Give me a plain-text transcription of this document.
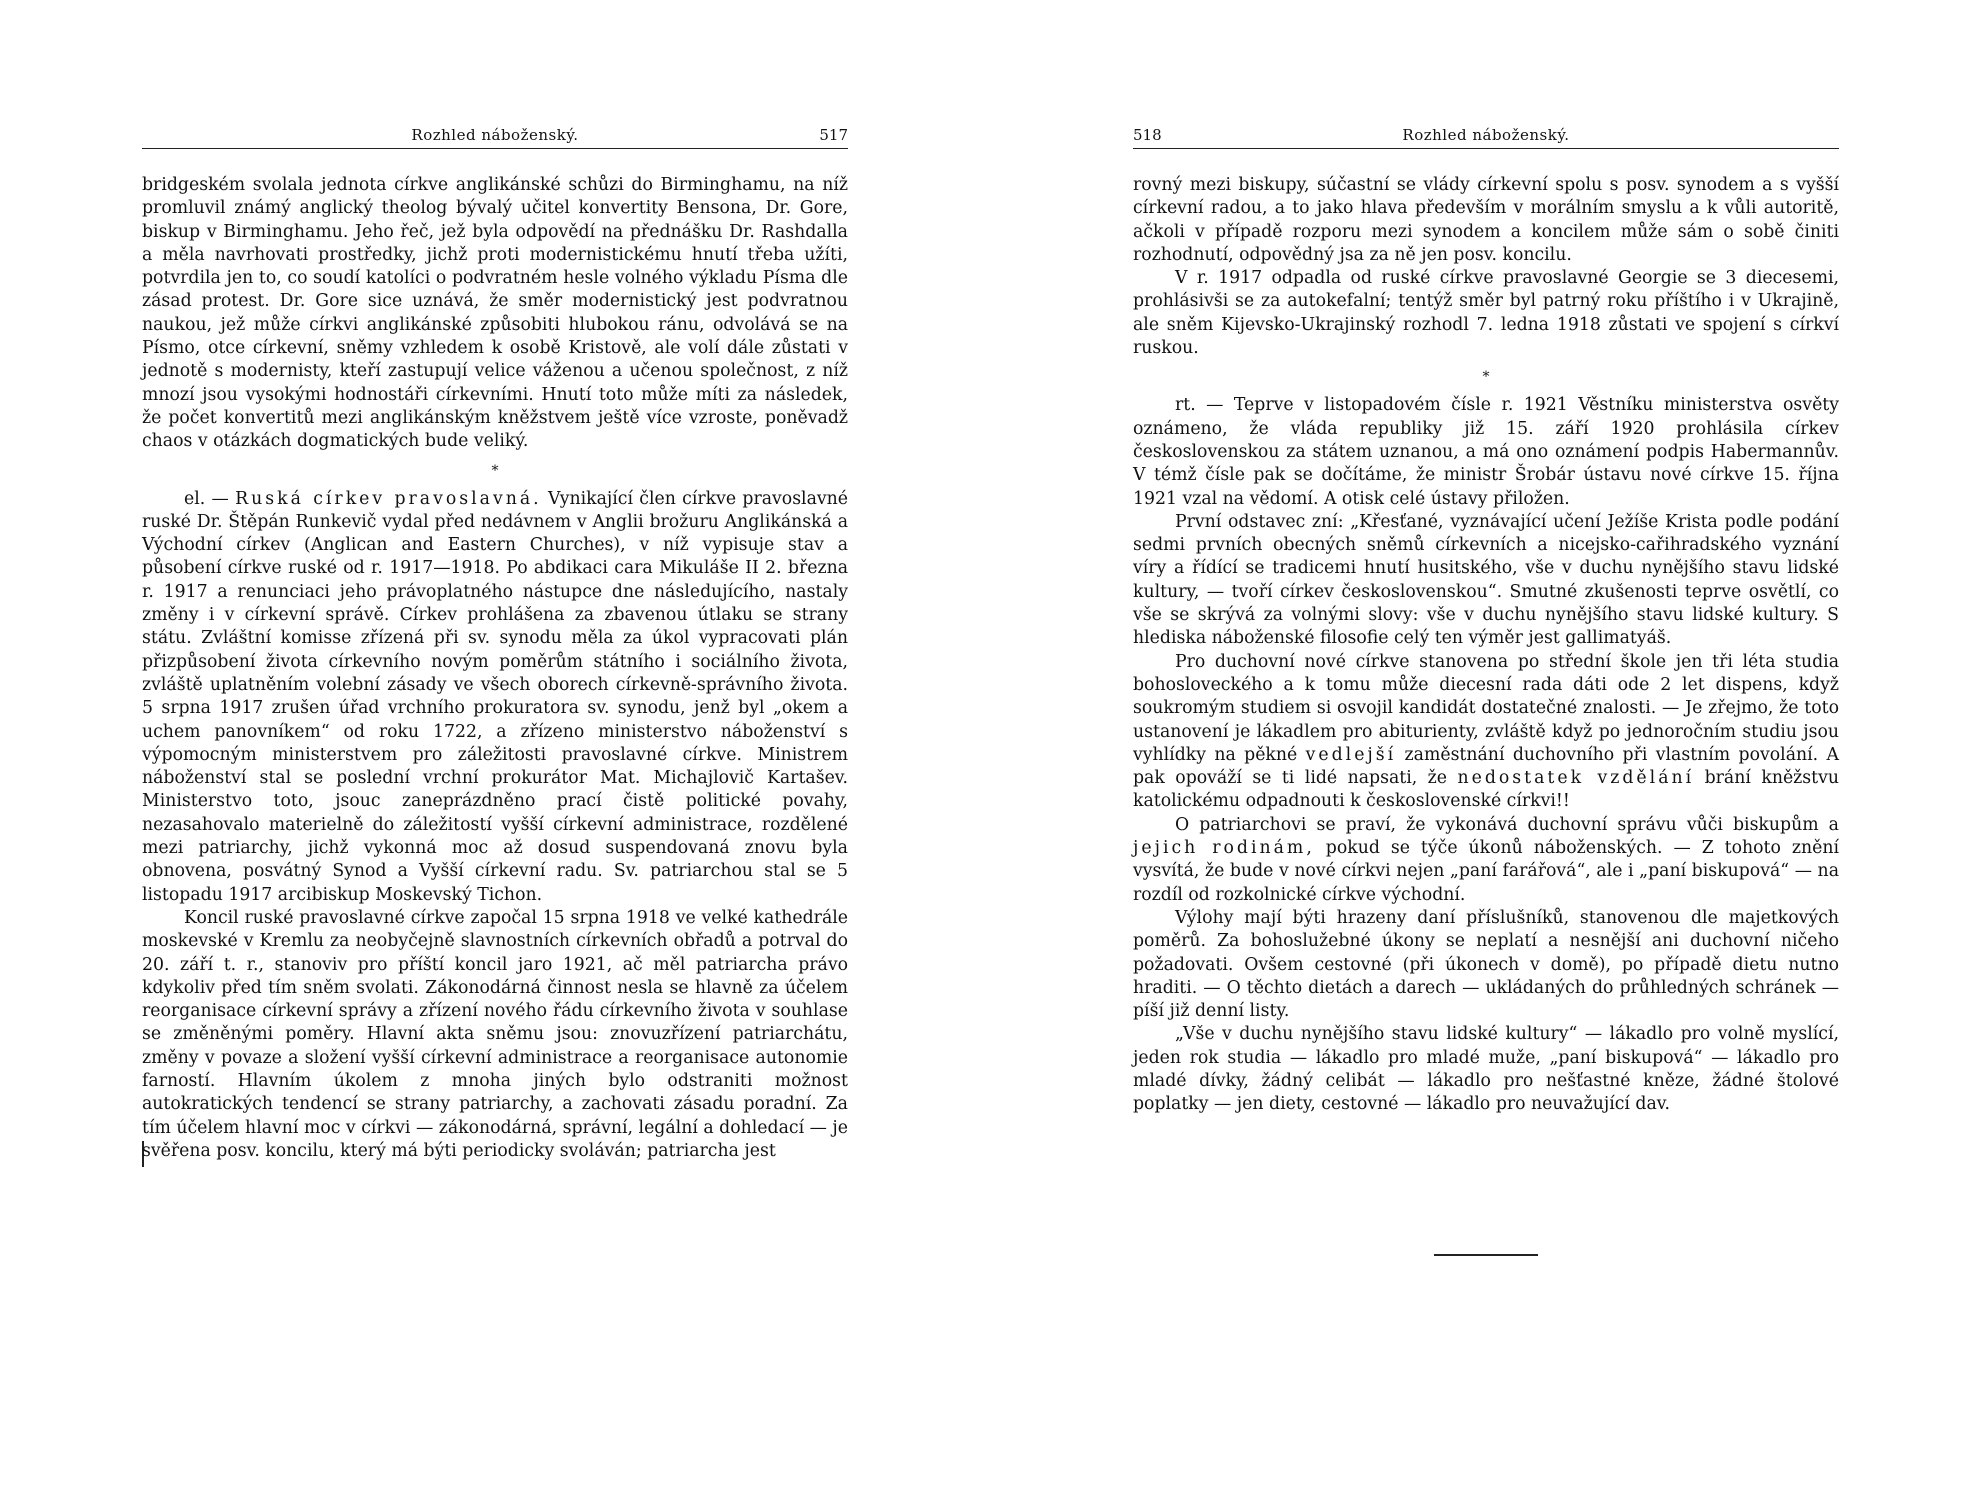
Rozhled náboženský.	517

bridgeském svolala jednota církve anglikánské schůzi do Birminghamu, na níž promluvil známý anglický theolog bývalý učitel konvertity Bensona, Dr. Gore, biskup v Birminghamu. Jeho řeč, jež byla odpovědí na přednášku Dr. Rashdalla a měla navrhovati prostředky, jichž proti modernistickému hnutí třeba užíti, potvrdila jen to, co soudí katolíci o podvratném hesle volného výkladu Písma dle zásad protest. Dr. Gore sice uznává, že směr modernistický jest podvratnou naukou, jež může církvi anglikánské způsobiti hlubokou ránu, odvolává se na Písmo, otce církevní, sněmy vzhledem k osobě Kristově, ale volí dále zůstati v jednotě s modernisty, kteří zastupují velice váženou a učenou společnost, z níž mnozí jsou vysokými hodnostáři církevními. Hnutí toto může míti za následek, že počet konvertitů mezi anglikánským kněžstvem ještě více vzroste, poněvadž chaos v otázkách dogmatických bude veliký.

*

el. — Ruská církev pravoslavná. Vynikající člen církve pravoslavné ruské Dr. Štěpán Runkevič vydal před nedávnem v Anglii brožuru Anglikánská a Východní církev (Anglican and Eastern Churches), v níž vypisuje stav a působení církve ruské od r. 1917—1918. Po abdikaci cara Mikuláše II 2. března r. 1917 a renunciaci jeho právoplatného nástupce dne následujícího, nastaly změny i v církevní správě. Církev prohlášena za zbavenou útlaku se strany státu. Zvláštní komisse zřízená při sv. synodu měla za úkol vypracovati plán přizpůsobení života církevního novým poměrům státního i sociálního života, zvláště uplatněním volební zásady ve všech oborech církevně-správního života. 5 srpna 1917 zrušen úřad vrchního prokuratora sv. synodu, jenž byl „okem a uchem panovníkem“ od roku 1722, a zřízeno ministerstvo náboženství s výpomocným ministerstvem pro záležitosti pravoslavné církve. Ministrem náboženství stal se poslední vrchní prokurátor Mat. Michajlovič Kartašev. Ministerstvo toto, jsouc zaneprázdněno prací čistě politické povahy, nezasahovalo materielně do záležitostí vyšší církevní administrace, rozdělené mezi patriarchy, jichž vykonná moc až dosud suspendovaná znovu byla obnovena, posvátný Synod a Vyšší církevní radu. Sv. patriarchou stal se 5 listopadu 1917 arcibiskup Moskevský Tichon.

Koncil ruské pravoslavné církve započal 15 srpna 1918 ve velké kathedrále moskevské v Kremlu za neobyčejně slavnostních církevních obřadů a potrval do 20. září t. r., stanoviv pro příští koncil jaro 1921, ač měl patriarcha právo kdykoliv před tím sněm svolati. Zákonodárná činnost nesla se hlavně za účelem reorganisace církevní správy a zřízení nového řádu církevního života v souhlase se změněnými poměry. Hlavní akta sněmu jsou: znovuzřízení patriarchátu, změny v povaze a složení vyšší církevní administrace a reorganisace autonomie farností. Hlavním úkolem z mnoha jiných bylo odstraniti možnost autokratických tendencí se strany patriarchy, a zachovati zásadu poradní. Za tím účelem hlavní moc v církvi — zákonodárná, správní, legální a dohledací — je svěřena posv. koncilu, který má býti periodicky svoláván; patriarcha jest

518	Rozhled náboženský.

rovný mezi biskupy, súčastní se vlády církevní spolu s posv. synodem a s vyšší církevní radou, a to jako hlava především v morálním smyslu a k vůli autoritě, ačkoli v případě rozporu mezi synodem a koncilem může sám o sobě činiti rozhodnutí, odpovědný jsa za ně jen posv. koncilu.

V r. 1917 odpadla od ruské církve pravoslavné Georgie se 3 diecesemi, prohlásivši se za autokefalní; tentýž směr byl patrný roku příštího i v Ukrajině, ale sněm Kijevsko-Ukrajinský rozhodl 7. ledna 1918 zůstati ve spojení s církví ruskou.

*

rt. — Teprve v listopadovém čísle r. 1921 Věstníku ministerstva osvěty oznámeno, že vláda republiky již 15. září 1920 prohlásila církev československou za státem uznanou, a má ono oznámení podpis Habermannův. V témž čísle pak se dočítáme, že ministr Šrobár ústavu nové církve 15. října 1921 vzal na vědomí. A otisk celé ústavy přiložen.

První odstavec zní: „Křesťané, vyznávající učení Ježíše Krista podle podání sedmi prvních obecných sněmů církevních a nicejsko-cařihradského vyznání víry a řídící se tradicemi hnutí husitského, vše v duchu nynějšího stavu lidské kultury, — tvoří církev československou“. Smutné zkušenosti teprve osvětlí, co vše se skrývá za volnými slovy: vše v duchu nynějšího stavu lidské kultury. S hlediska náboženské filosofie celý ten výměr jest gallimatyáš.

Pro duchovní nové církve stanovena po střední škole jen tři léta studia bohosloveckého a k tomu může diecesní rada dáti ode 2 let dispens, když soukromým studiem si osvojil kandidát dostatečné znalosti. — Je zřejmo, že toto ustanovení je lákadlem pro abiturienty, zvláště když po jednoročním studiu jsou vyhlídky na pěkné vedlejší zaměstnání duchovního při vlastním povolání. A pak opováží se ti lidé napsati, že nedostatek vzdělání brání kněžstvu katolickému odpadnouti k československé církvi!!

O patriarchovi se praví, že vykonává duchovní správu vůči biskupům a jejich rodinám, pokud se týče úkonů náboženských. — Z tohoto znění vysvítá, že bude v nové církvi nejen „paní farářová“, ale i „paní biskupová“ — na rozdíl od rozkolnické církve východní.

Výlohy mají býti hrazeny daní příslušníků, stanovenou dle majetkových poměrů. Za bohoslužebné úkony se neplatí a nesnější ani duchovní ničeho požadovati. Ovšem cestovné (při úkonech v domě), po případě dietu nutno hraditi. — O těchto dietách a darech — ukládaných do průhledných schránek — píší již denní listy.

„Vše v duchu nynějšího stavu lidské kultury“ — lákadlo pro volně myslící, jeden rok studia — lákadlo pro mladé muže, „paní biskupová“ — lákadlo pro mladé dívky, žádný celibát — lákadlo pro nešťastné kněze, žádné štolové poplatky — jen diety, cestovné — lákadlo pro neuvažující dav.
